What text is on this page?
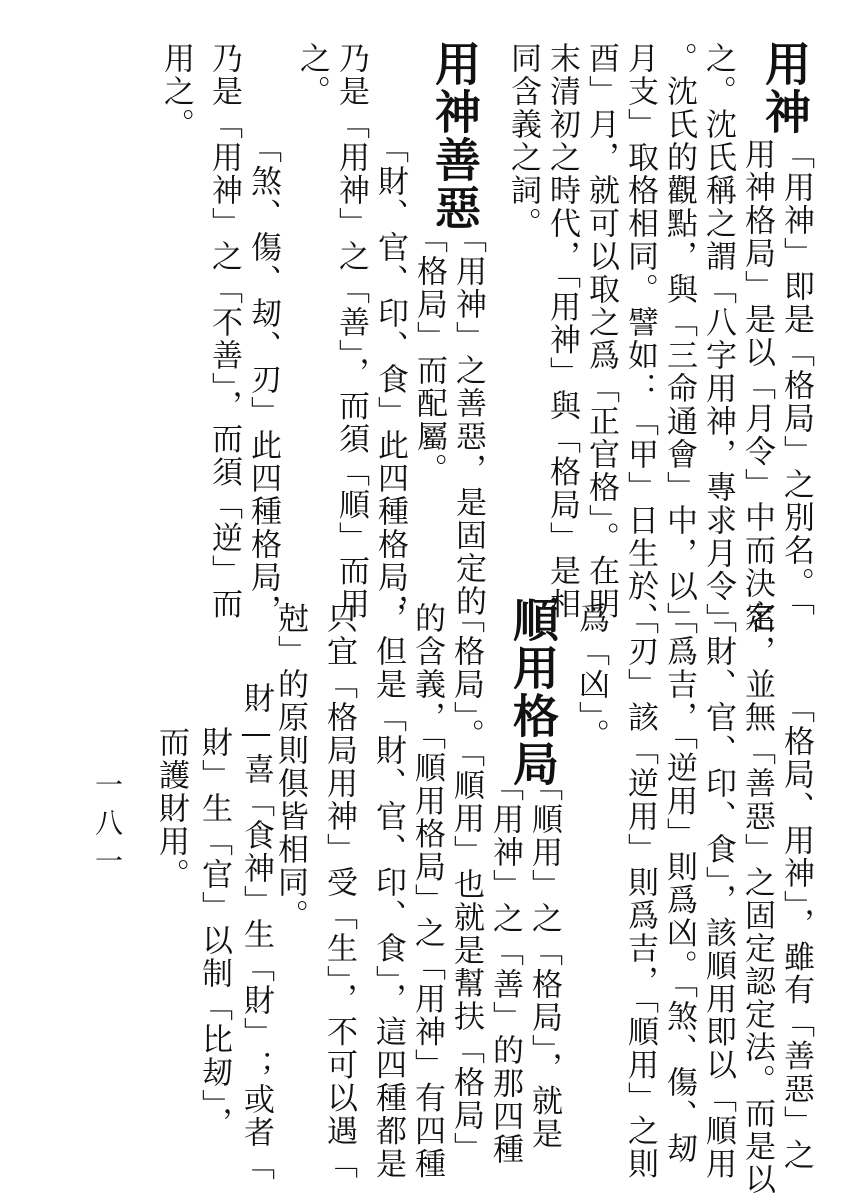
用神
「用神」即是「格局」之別名。「
用神格局」是以「月令」中而決定
之。沈氏稱之謂「八字用神，專求月令」
。沈氏的觀點，與「三命通會」中，以「
月支」取格相同。譬如：「甲」日生於「
酉」月，就可以取之爲「正官格」。在明
末清初之時代，「用神」與「格局」是相
同含義之詞。
用神善惡
「用神」之善惡，是固定的
「格局」而配屬。
「財、官、印、食」此四種格局，
乃是「用神」之「善」，而須「順」而用
之。
「煞、傷、刼、刃」此四種格局，
乃是「用神」之「不善」，而須「逆」而
用之。
「格局、用神」，雖有「善惡」之
名，並無「善惡」之固定認定法。而是以
「財、官、印、食」，該順用即以「順用
」爲吉，「逆用」則爲凶。「煞、傷、刼
、刃」該「逆用」則爲吉，「順用」之則
爲「凶」。
順用格局
「順用」之「格局」，就是
「用神」之「善」的那四種
「格局」。「順用」也就是幫扶「格局」
的含義，「順用格局」之「用神」有四種
，但是「財、官、印、食」，這四種都是
只宜「格局用神」受「生」，不可以遇「
尅」的原則俱皆相同。
財—喜「食神」生「財」；或者「
財」生「官」以制「比刼」，
而護財用。
一八一
